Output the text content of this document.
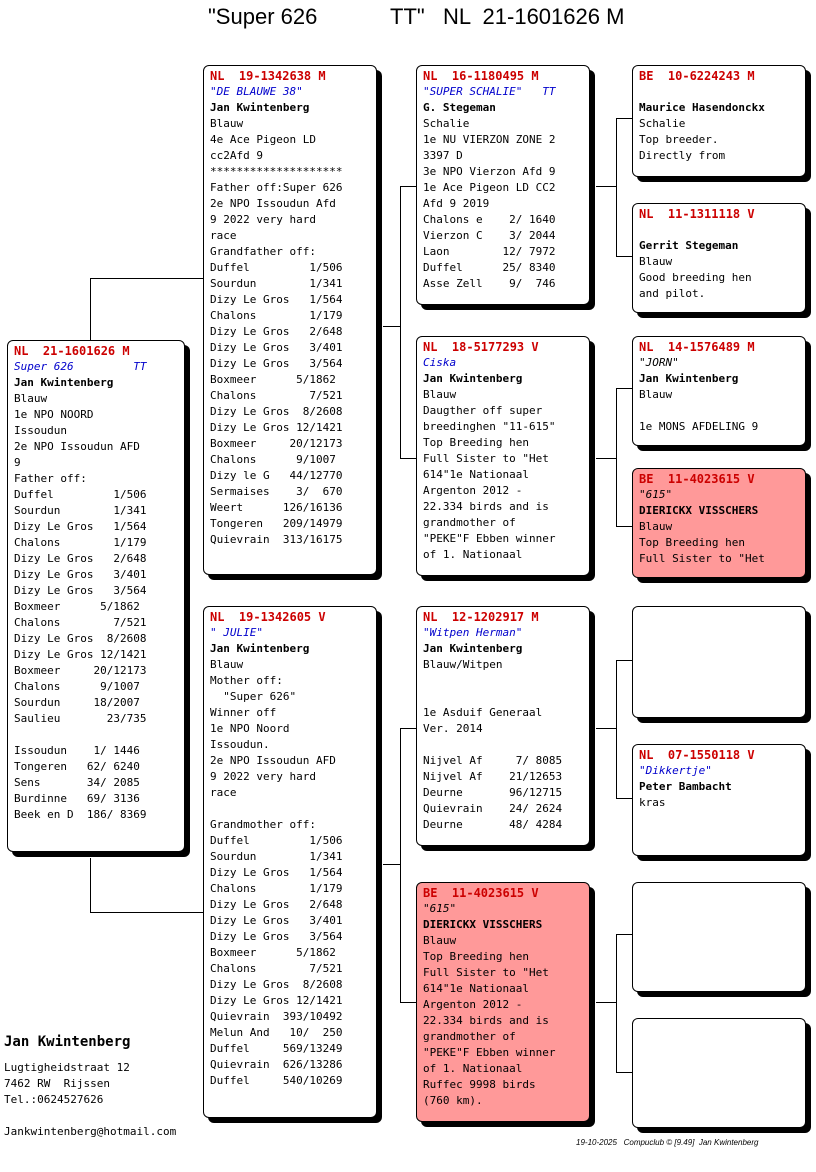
"Super 626	TT" NL  21-1601626 M
NL  21-1601626 M
Super 626         TT
Jan Kwintenberg
Blauw
1e NPO NOORD
Issoudun
2e NPO Issoudun AFD
9
Father off:
Duffel         1/506
Sourdun        1/341
Dizy Le Gros   1/564
Chalons        1/179
Dizy Le Gros   2/648
Dizy Le Gros   3/401
Dizy Le Gros   3/564
Boxmeer      5/1862
Chalons        7/521
Dizy Le Gros  8/2608
Dizy Le Gros 12/1421
Boxmeer     20/12173
Chalons      9/1007
Sourdun     18/2007
Saulieu       23/735
Issoudun    1/ 1446
Tongeren   62/ 6240
Sens       34/ 2085
Burdinne   69/ 3136
Beek en D  186/ 8369
NL  19-1342638 M
"DE BLAUWE 38"
Jan Kwintenberg
Blauw
4e Ace Pigeon LD
cc2Afd 9
********************
Father off:Super 626
2e NPO Issoudun Afd
9 2022 very hard
race
Grandfather off:
Duffel         1/506
Sourdun        1/341
Dizy Le Gros   1/564
Chalons        1/179
Dizy Le Gros   2/648
Dizy Le Gros   3/401
Dizy Le Gros   3/564
Boxmeer      5/1862
Chalons        7/521
Dizy Le Gros  8/2608
Dizy Le Gros 12/1421
Boxmeer     20/12173
Chalons      9/1007
Dizy le G   44/12770
Sermaises    3/  670
Weert      126/16136
Tongeren   209/14979
Quievrain  313/16175
NL  19-1342605 V
" JULIE"
Jan Kwintenberg
Blauw
Mother off:
"Super 626"
Winner off
1e NPO Noord
Issoudun.
2e NPO Issoudun AFD
9 2022 very hard
race
Grandmother off:
Duffel         1/506
Sourdun        1/341
Dizy Le Gros   1/564
Chalons        1/179
Dizy Le Gros   2/648
Dizy Le Gros   3/401
Dizy Le Gros   3/564
Boxmeer      5/1862
Chalons        7/521
Dizy Le Gros  8/2608
Dizy Le Gros 12/1421
Quievrain  393/10492
Melun And   10/  250
Duffel     569/13249
Quievrain  626/13286
Duffel     540/10269
NL  16-1180495 M
"SUPER SCHALIE"   TT
G. Stegeman
Schalie
1e NU VIERZON ZONE 2
3397 D
3e NPO Vierzon Afd 9
1e Ace Pigeon LD CC2
Afd 9 2019
Chalons e    2/ 1640
Vierzon C    3/ 2044
Laon        12/ 7972
Duffel      25/ 8340
Asse Zell    9/  746
NL  18-5177293 V
Ciska
Jan Kwintenberg
Blauw
Daugther off super
breedinghen "11-615"
Top Breeding hen
Full Sister to "Het
614"1e Nationaal
Argenton 2012 -
22.334 birds and is
grandmother of
"PEKE"F Ebben winner
of 1. Nationaal
NL  12-1202917 M
"Witpen Herman"
Jan Kwintenberg
Blauw/Witpen
1e Asduif Generaal
Ver. 2014
Nijvel Af     7/ 8085
Nijvel Af    21/12653
Deurne       96/12715
Quievrain    24/ 2624
Deurne       48/ 4284
BE  11-4023615 V
"615"
DIERICKX VISSCHERS
Blauw
Top Breeding hen
Full Sister to "Het
614"1e Nationaal
Argenton 2012 -
22.334 birds and is
grandmother of
"PEKE"F Ebben winner
of 1. Nationaal
Ruffec 9998 birds
(760 km).
BE  10-6224243 M
Maurice Hasendonckx
Schalie
Top breeder.
Directly from
NL  11-1311118 V
Gerrit Stegeman
Blauw
Good breeding hen
and pilot.
NL  14-1576489 M
"JORN"
Jan Kwintenberg
Blauw
1e MONS AFDELING 9
BE  11-4023615 V
"615"
DIERICKX VISSCHERS
Blauw
Top Breeding hen
Full Sister to "Het
NL  07-1550118 V
"Dikkertje"
Peter Bambacht
kras
Jan Kwintenberg
Lugtigheidstraat 12
7462 RW  Rijssen
Tel.:0624527626
Jankwintenberg@hotmail.com
19-10-2025 Compuclub © [9.49]  Jan Kwintenberg
